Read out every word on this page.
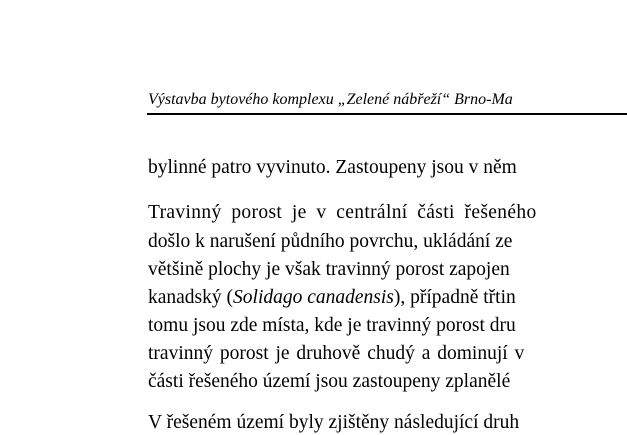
Výstavba bytového komplexu „Zelené nábřeží“ Brno-Ma
bylinné patro vyvinuto. Zastoupeny jsou v něm
Travinný porost je v centrální části řešeného
došlo k narušení půdního povrchu, ukládání ze
většině plochy je však travinný porost zapojen
kanadský (Solidago canadensis), případně třtin
tomu jsou zde místa, kde je travinný porost dru
travinný porost je druhově chudý a dominují v
části řešeného území jsou zastoupeny zplanělé
V řešeném území byly zjištěny následující druh
